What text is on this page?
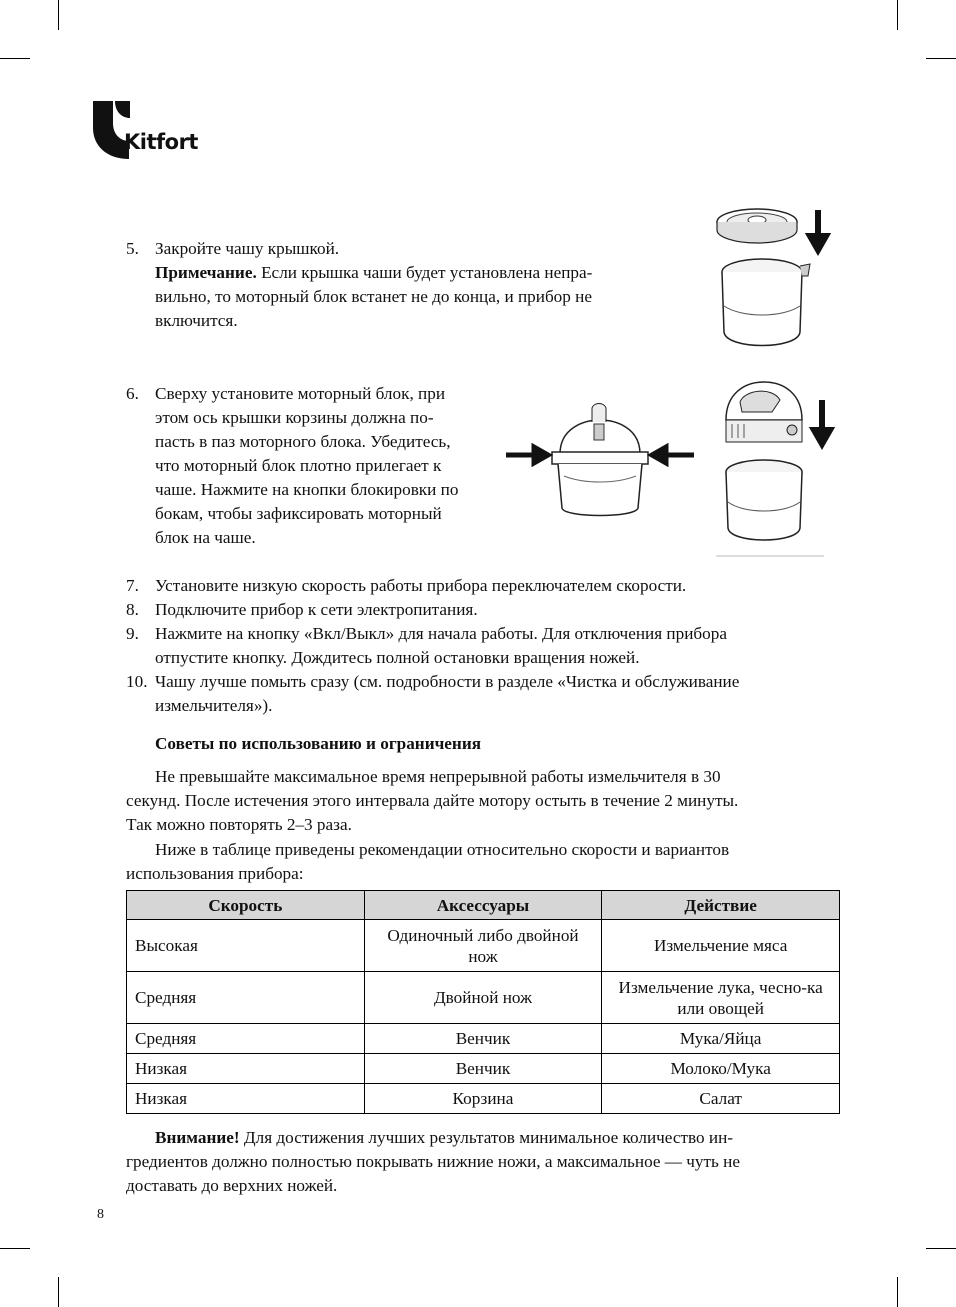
Kitfort
5. Закройте чашу крышкой.
Примечание. Если крышка чаши будет установлена непра-
вильно, то моторный блок встанет не до конца, и прибор не
включится.
6. Сверху установите моторный блок, при
этом ось крышки корзины должна по-
пасть в паз моторного блока. Убедитесь,
что моторный блок плотно прилегает к
чаше. Нажмите на кнопки блокировки по
бокам, чтобы зафиксировать моторный
блок на чаше.
7. Установите низкую скорость работы прибора переключателем скорости.
8. Подключите прибор к сети электропитания.
9. Нажмите на кнопку «Вкл/Выкл» для начала работы. Для отключения прибора
отпустите кнопку. Дождитесь полной остановки вращения ножей.
10. Чашу лучше помыть сразу (см. подробности в разделе «Чистка и обслуживание
измельчителя»).
Советы по использованию и ограничения
Не превышайте максимальное время непрерывной работы измельчителя в 30
секунд. После истечения этого интервала дайте мотору остыть в течение 2 минуты.
Так можно повторять 2–3 раза.
Ниже в таблице приведены рекомендации относительно скорости и вариантов
использования прибора:
Скорость	Аксессуары	Действие
Высокая	Одиночный либо двойной нож	Измельчение мяса
Средняя	Двойной нож	Измельчение лука, чесно-ка или овощей
Средняя	Венчик	Мука/Яйца
Низкая	Венчик	Молоко/Мука
Низкая	Корзина	Салат
Внимание! Для достижения лучших результатов минимальное количество ин-
гредиентов должно полностью покрывать нижние ножи, а максимальное — чуть не
доставать до верхних ножей.
8
